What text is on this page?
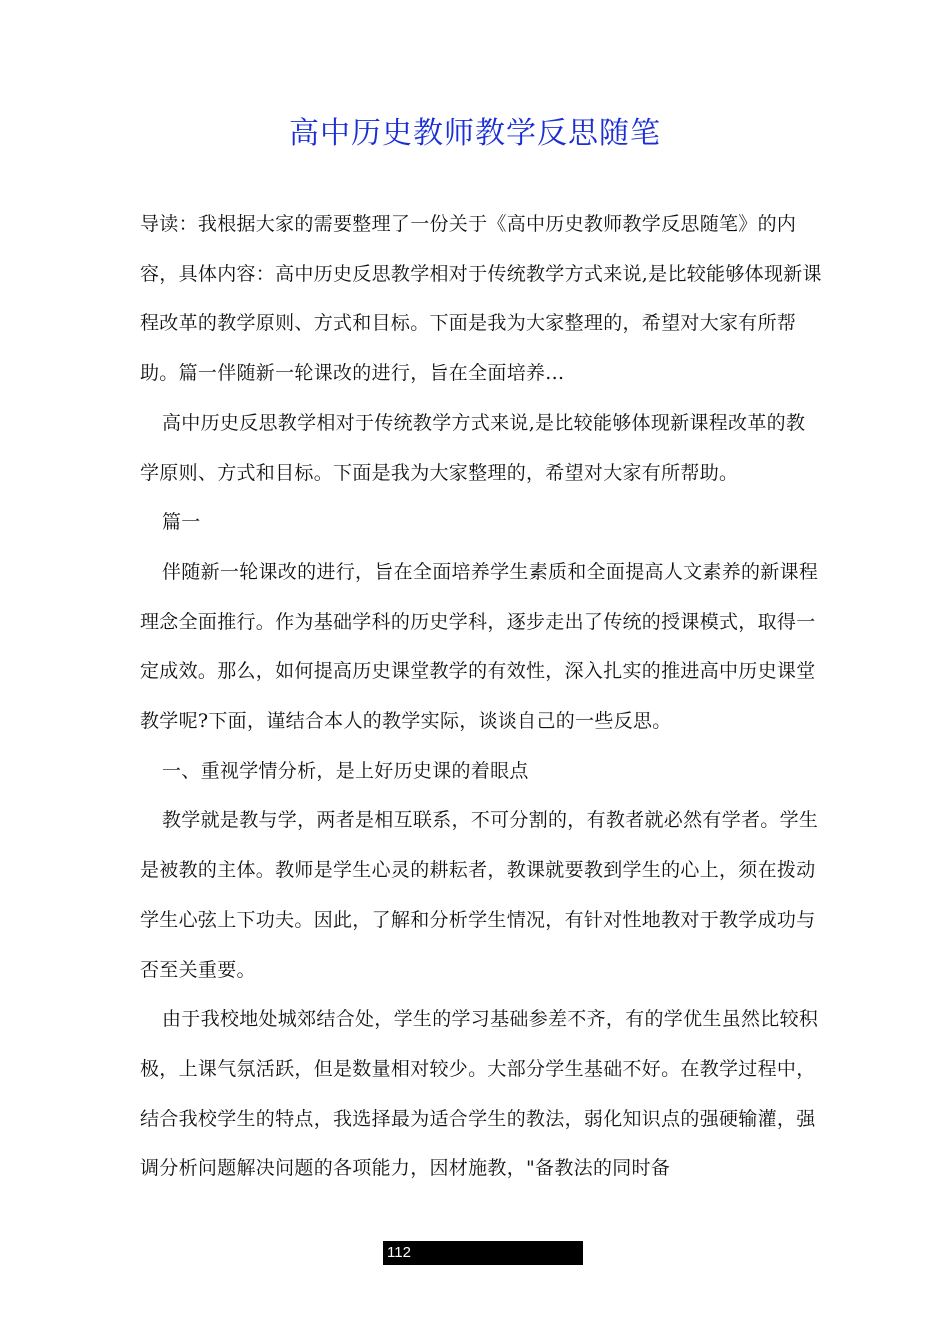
高中历史教师教学反思随笔

导读：我根据大家的需要整理了一份关于《高中历史教师教学反思随笔》的内容，具体内容：高中历史反思教学相对于传统教学方式来说,是比较能够体现新课程改革的教学原则、方式和目标。下面是我为大家整理的，希望对大家有所帮助。篇一伴随新一轮课改的进行，旨在全面培养...

高中历史反思教学相对于传统教学方式来说,是比较能够体现新课程改革的教学原则、方式和目标。下面是我为大家整理的，希望对大家有所帮助。

篇一

伴随新一轮课改的进行，旨在全面培养学生素质和全面提高人文素养的新课程理念全面推行。作为基础学科的历史学科，逐步走出了传统的授课模式，取得一定成效。那么，如何提高历史课堂教学的有效性，深入扎实的推进高中历史课堂教学呢?下面，谨结合本人的教学实际，谈谈自己的一些反思。

一、重视学情分析，是上好历史课的着眼点

教学就是教与学，两者是相互联系，不可分割的，有教者就必然有学者。学生是被教的主体。教师是学生心灵的耕耘者，教课就要教到学生的心上，须在拨动学生心弦上下功夫。因此，了解和分析学生情况，有针对性地教对于教学成功与否至关重要。

由于我校地处城郊结合处，学生的学习基础参差不齐，有的学优生虽然比较积极，上课气氛活跃，但是数量相对较少。大部分学生基础不好。在教学过程中，结合我校学生的特点，我选择最为适合学生的教法，弱化知识点的强硬输灌，强调分析问题解决问题的各项能力，因材施教，"备教法的同时备

112
